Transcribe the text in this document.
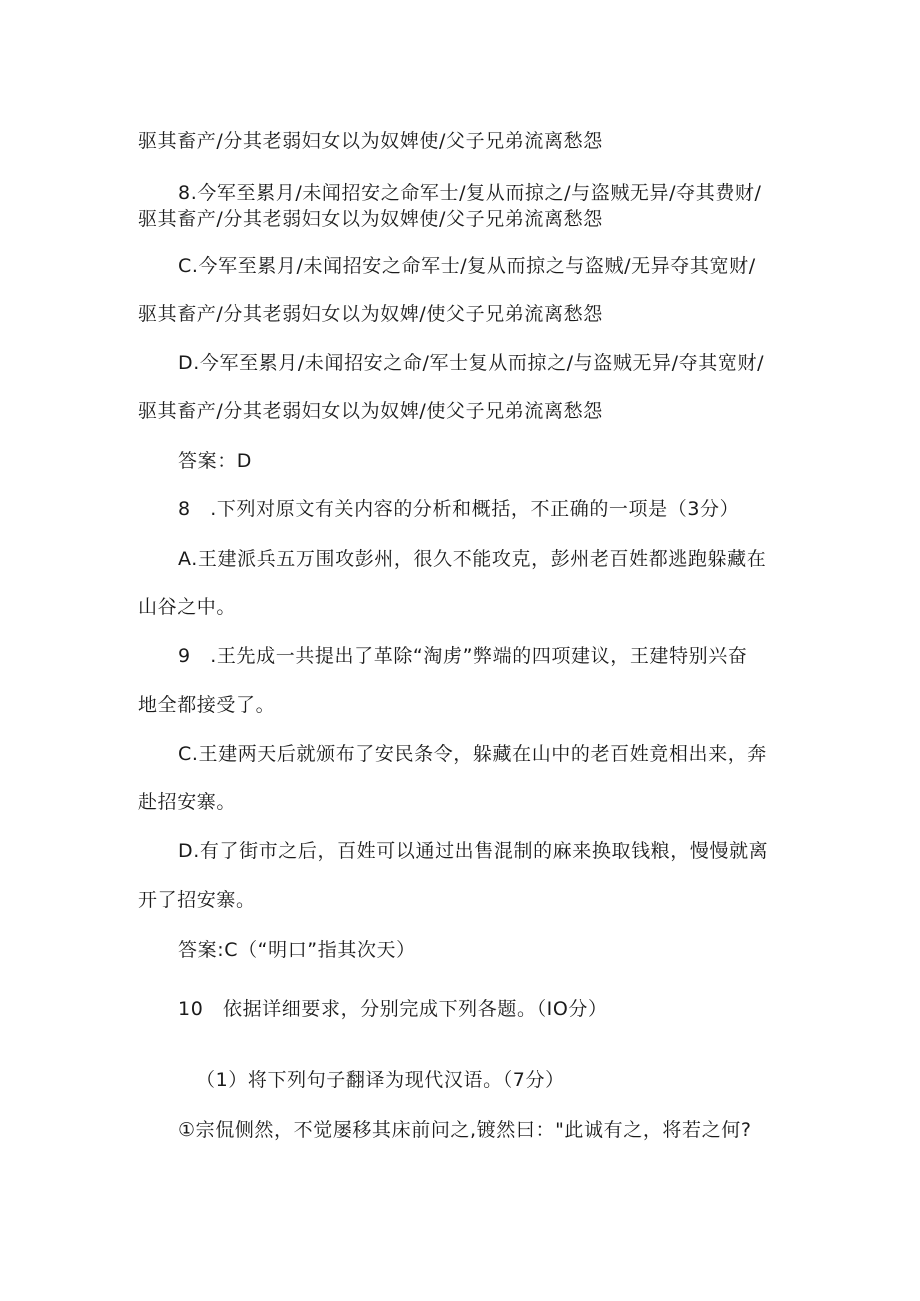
驱其畜产/分其老弱妇女以为奴婢使/父子兄弟流离愁怨
8.今军至累月/未闻招安之命军士/复从而掠之/与盗贼无异/夺其费财/
驱其畜产/分其老弱妇女以为奴婢使/父子兄弟流离愁怨
C.今军至累月/未闻招安之命军士/复从而掠之与盗贼/无异夺其宽财/
驱其畜产/分其老弱妇女以为奴婢/使父子兄弟流离愁怨
D.今军至累月/未闻招安之命/军士复从而掠之/与盗贼无异/夺其宽财/
驱其畜产/分其老弱妇女以为奴婢/使父子兄弟流离愁怨
答案：D
8　.下列对原文有关内容的分析和概括，不正确的一项是（3分）
A.王建派兵五万围攻彭州，很久不能攻克，彭州老百姓都逃跑躲藏在
山谷之中。
9　.王先成一共提出了革除“淘虏”弊端的四项建议，王建特别兴奋
地全都接受了。
C.王建两天后就颁布了安民条令，躲藏在山中的老百姓竟相出来，奔
赴招安寨。
D.有了街市之后，百姓可以通过出售混制的麻来换取钱粮，慢慢就离
开了招安寨。
答案:C（“明口”指其次天）
10　依据详细要求，分别完成下列各题。（IO分）
（1）将下列句子翻译为现代汉语。（7分）
①宗侃侧然，不觉屡移其床前问之,镀然曰："此诚有之，将若之何?
